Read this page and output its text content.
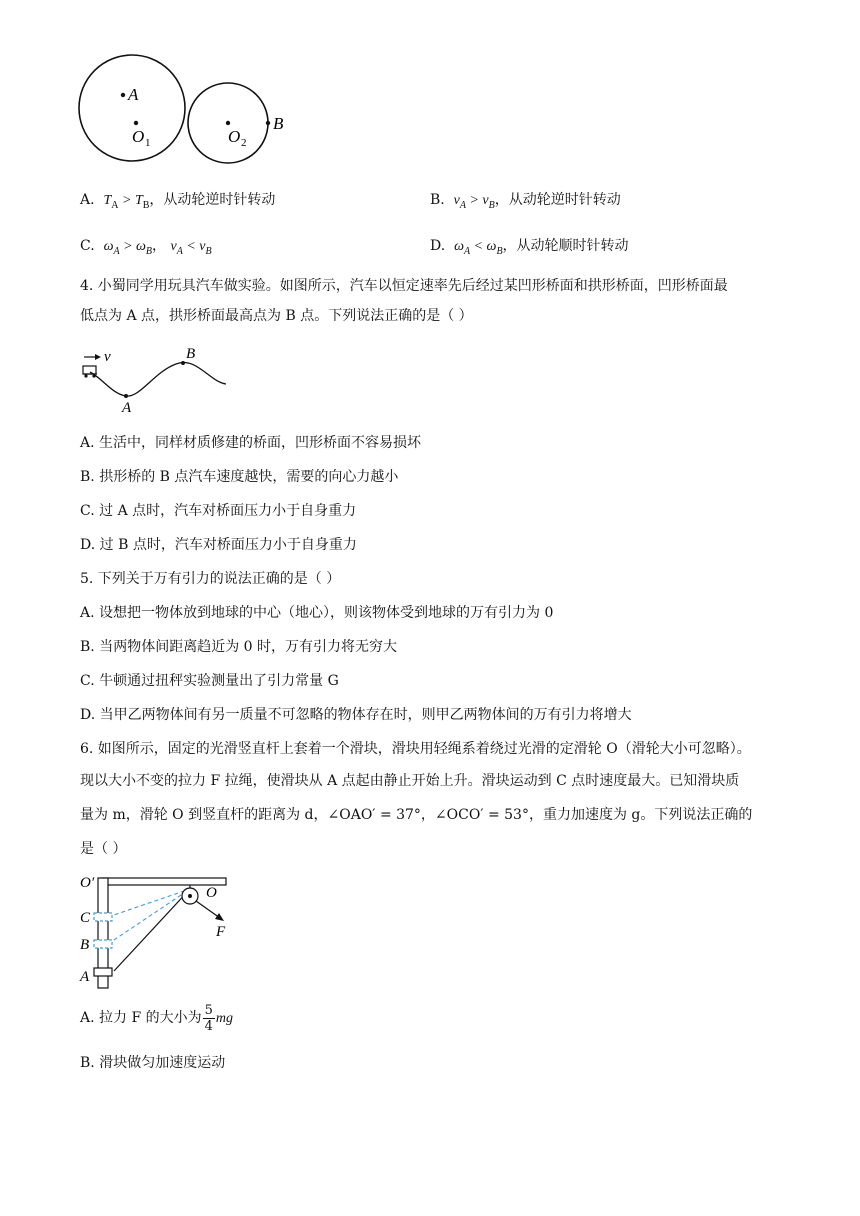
A
O 1	O 2
B
A. $T_A > T_B$，从动轮逆时针转动	B. $v_A > v_B$，从动轮逆时针转动
C. $\omega_A > \omega_B$， $v_A < v_B$	D. $\omega_A < \omega_B$，从动轮顺时针转动
4. 小蜀同学用玩具汽车做实验。如图所示，汽车以恒定速率先后经过某凹形桥面和拱形桥面，凹形桥面最
低点为 A 点，拱形桥面最高点为 B 点。下列说法正确的是（ ）
v
A
B
A. 生活中，同样材质修建的桥面，凹形桥面不容易损坏
B. 拱形桥的 B 点汽车速度越快，需要的向心力越小
C. 过 A 点时，汽车对桥面压力小于自身重力
D. 过 B 点时，汽车对桥面压力小于自身重力
5. 下列关于万有引力的说法正确的是（ ）
A. 设想把一物体放到地球的中心（地心），则该物体受到地球的万有引力为 0
B. 当两物体间距离趋近为 0 时，万有引力将无穷大
C. 牛顿通过扭秤实验测量出了引力常量 G
D. 当甲乙两物体间有另一质量不可忽略的物体存在时，则甲乙两物体间的万有引力将增大
6. 如图所示，固定的光滑竖直杆上套着一个滑块，滑块用轻绳系着绕过光滑的定滑轮 O（滑轮大小可忽略）。
现以大小不变的拉力 F 拉绳，使滑块从 A 点起由静止开始上升。滑块运动到 C 点时速度最大。已知滑块质
量为 m，滑轮 O 到竖直杆的距离为 d，∠OAO′ = 37°，∠OCO′ = 53°，重力加速度为 g。下列说法正确的
是（ ）
O′
O
C
B
A
F
A. 拉力 F 的大小为 $\frac{5}{4}$ mg
B. 滑块做匀加速度运动
